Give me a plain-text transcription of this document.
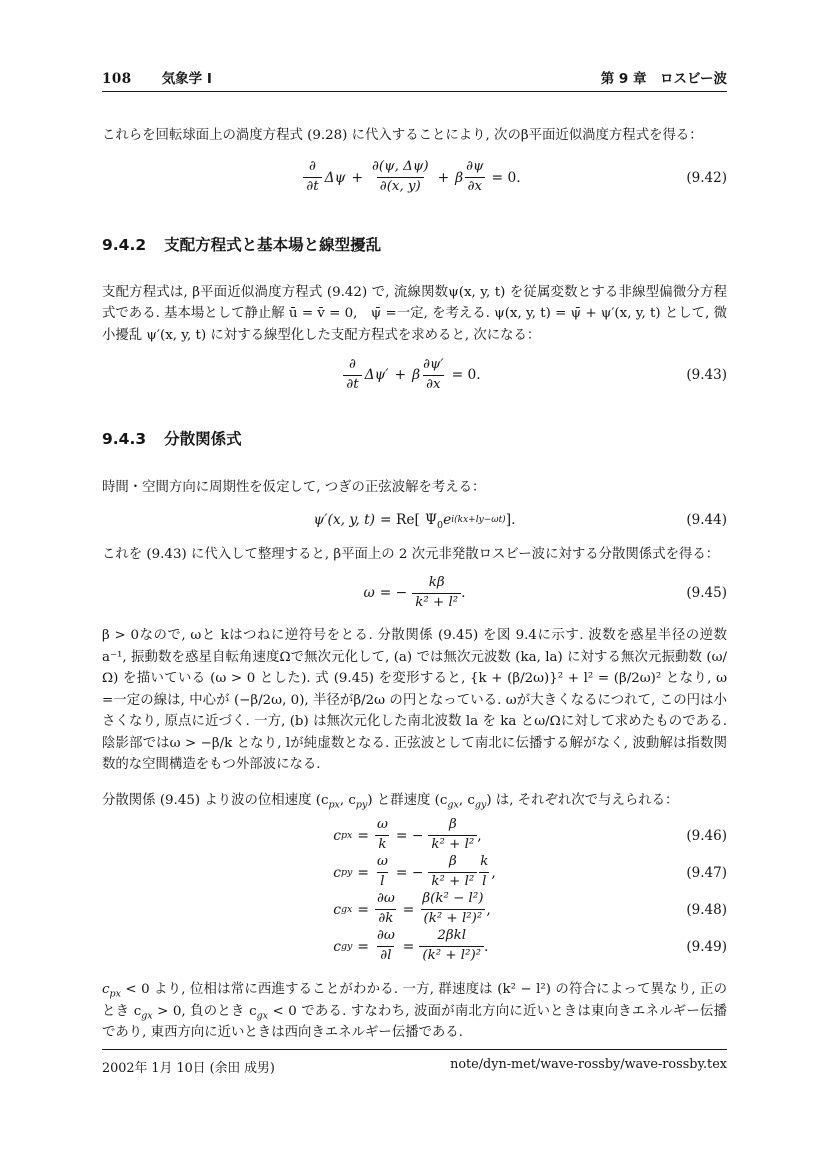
108 気象学 I	第 9 章　ロスビー波

これらを回転球面上の渦度方程式 (9.28) に代入することにより, 次のβ平面近似渦度方程式を得る：

$\frac{\partial}{\partial t}$ $\Delta\psi + \frac{\partial(\psi, \Delta\psi)}{\partial(x, y)} + \beta \frac{\partial\psi}{\partial x} = 0$.	(9.42)
9.4.2 支配方程式と基本場と線型擾乱

支配方程式は, β平面近似渦度方程式 (9.42) で, 流線関数ψ(x, y, t) を従属変数とする非線型偏微分方程式である. 基本場として静止解 ū = v̄ = 0,　ψ̄ =一定, を考える. ψ(x, y, t) = ψ̄ + ψ′(x, y, t) として, 微小擾乱 ψ′(x, y, t) に対する線型化した支配方程式を求めると, 次になる：

$\frac{\partial}{\partial t} \Delta\psi' + \beta \frac{\partial\psi'}{\partial x} = 0$.	(9.43)
9.4.3 分散関係式

時間・空間方向に周期性を仮定して, つぎの正弦波解を考える：

ψ′(x, y, t) = Re[ $\Psi_0$ e i(kx+ly−ωt) ].	(9.44)

これを (9.43) に代入して整理すると, β平面上の 2 次元非発散ロスビー波に対する分散関係式を得る：

ω = − $\frac{k\beta}{\text{k² + l²}}$ .	(9.45)

β > 0なので, ωと kはつねに逆符号をとる. 分散関係 (9.45) を図 9.4に示す. 波数を惑星半径の逆数 a⁻¹, 振動数を惑星自転角速度Ωで無次元化して, (a) では無次元波数 (ka, la) に対する無次元振動数 (ω/Ω) を描いている (ω > 0 とした). 式 (9.45) を変形すると, {k + (β/2ω)}² + l² = (β/2ω)² となり, ω =一定の線は, 中心が (−β/2ω, 0), 半径がβ/2ω の円となっている. ωが大きくなるにつれて, この円は小さくなり, 原点に近づく. 一方, (b) は無次元化した南北波数 la を ka とω/Ωに対して求めたものである. 陰影部ではω > −β/k となり, lが純虚数となる. 正弦波として南北に伝播する解がなく, 波動解は指数関数的な空間構造をもつ外部波になる.

分散関係 (9.45) より波の位相速度 ($c_{px}$, $c_{py}$) と群速度 ($c_{gx}$, $c_{gy}$) は, それぞれ次で与えられる：

c px = $\frac{\omega}{k}$ = − $\frac{\beta}{\text{k² + l²}}$ ,	(9.46)
c py = $\frac{\omega}{l}$ = − $\frac{\beta}{\text{k² + l²}} \frac{k}{l}$ ,	(9.47)
c gx = $\frac{\partial\omega}{\partial k} = \frac{\text{β(k² − l²)}}{\text{(k² + l²)²}}$ ,	(9.48)
c gy = $\frac{\partial\omega}{\partial l} = \frac{\text{2βkl}}{\text{(k² + l²)²}}$ .	(9.49)

$c_{px} < 0$ より, 位相は常に西進することがわかる. 一方, 群速度は (k² − l²) の符合によって異なり, 正のとき $c_{gx} > 0$, 負のとき $c_{gx} < 0$ である. すなわち, 波面が南北方向に近いときは東向きエネルギー伝播であり, 東西方向に近いときは西向きエネルギー伝播である.

2002年 1月 10日 (余田 成男)	note/dyn-met/wave-rossby/wave-rossby.tex
